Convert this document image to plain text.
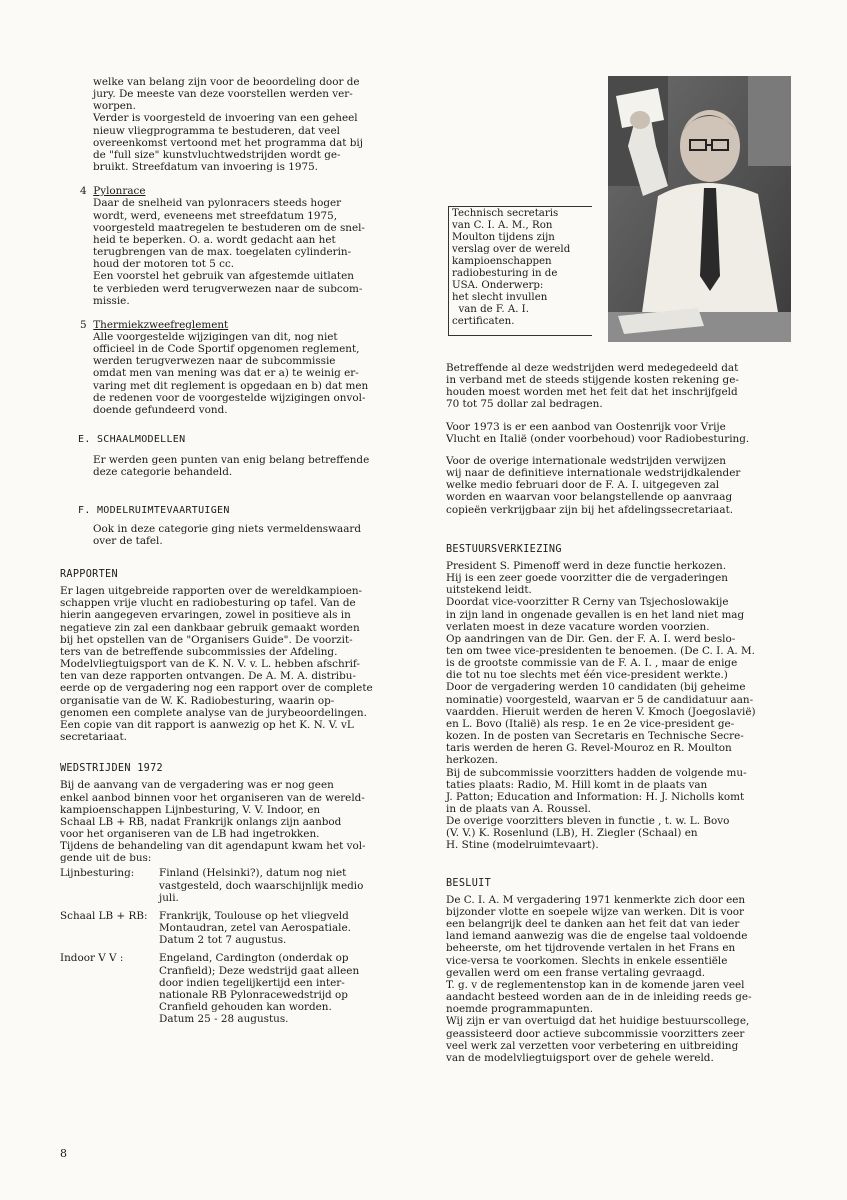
welke van belang zijn voor de beoordeling door de

jury. De meeste van deze voorstellen werden ver-

worpen.

Verder is voorgesteld de invoering van een geheel

nieuw vliegprogramma te bestuderen, dat veel

overeenkomst vertoond met het programma dat bij

de "full size" kunstvluchtwedstrijden wordt ge-

bruikt. Streefdatum van invoering is 1975.

4 Pylonrace

Daar de snelheid van pylonracers steeds hoger

wordt, werd, eveneens met streefdatum 1975,

voorgesteld maatregelen te bestuderen om de snel-

heid te beperken. O. a. wordt gedacht aan het

terugbrengen van de max. toegelaten cylinderin-

houd der motoren tot 5 cc.

Een voorstel het gebruik van afgestemde uitlaten

te verbieden werd terugverwezen naar de subcom-

missie.

5 Thermiekzweefreglement

Alle voorgestelde wijzigingen van dit, nog niet

officieel in de Code Sportif opgenomen reglement,

werden terugverwezen naar de subcommissie

omdat men van mening was dat er a) te weinig er-

varing met dit reglement is opgedaan en b) dat men

de redenen voor de voorgestelde wijzigingen onvol-

doende gefundeerd vond.

E. SCHAALMODELLEN

Er werden geen punten van enig belang betreffende

deze categorie behandeld.

F. MODELRUIMTEVAARTUIGEN

Ook in deze categorie ging niets vermeldenswaard

over de tafel.

RAPPORTEN

Er lagen uitgebreide rapporten over de wereldkampioen-

schappen vrije vlucht en radiobesturing op tafel. Van de

hierin aangegeven ervaringen, zowel in positieve als in

negatieve zin zal een dankbaar gebruik gemaakt worden

bij het opstellen van de "Organisers Guide". De voorzit-

ters van de betreffende subcommissies der Afdeling.

Modelvliegtuigsport van de K. N. V. v. L. hebben afschrif-

ten van deze rapporten ontvangen. De A. M. A. distribu-

eerde op de vergadering nog een rapport over de complete

organisatie van de W. K. Radiobesturing, waarin op-

genomen een complete analyse van de jurybeoordelingen.

Een copie van dit rapport is aanwezig op het K. N. V. vL

secretariaat.

WEDSTRIJDEN 1972

Bij de aanvang van de vergadering was er nog geen

enkel aanbod binnen voor het organiseren van de wereld-

kampioenschappen Lijnbesturing, V. V. Indoor, en

Schaal LB + RB, nadat Frankrijk onlangs zijn aanbod

voor het organiseren van de LB had ingetrokken.

Tijdens de behandeling van dit agendapunt kwam het vol-

gende uit de bus:

Lijnbesturing:	Finland (Helsinki?), datum nog niet

vastgesteld, doch waarschijnlijk medio

juli.

Schaal LB + RB:	Frankrijk, Toulouse op het vliegveld

Montaudran, zetel van Aerospatiale.

Datum 2 tot 7 augustus.

Indoor V V :	Engeland, Cardington (onderdak op

Cranfield); Deze wedstrijd gaat alleen

door indien tegelijkertijd een inter-

nationale RB Pylonracewedstrijd op

Cranfield gehouden kan worden.

Datum 25 - 28 augustus.

Technisch secretaris

van C. I. A. M., Ron

Moulton tijdens zijn

verslag over de wereld

kampioenschappen

radiobesturing in de

USA. Onderwerp:

het slecht invullen

van de F. A. I.

certificaten.

Betreffende al deze wedstrijden werd medegedeeld dat

in verband met de steeds stijgende kosten rekening ge-

houden moest worden met het feit dat het inschrijfgeld

70 tot 75 dollar zal bedragen.

Voor 1973 is er een aanbod van Oostenrijk voor Vrije

Vlucht en Italië (onder voorbehoud) voor Radiobesturing.

Voor de overige internationale wedstrijden verwijzen

wij naar de definitieve internationale wedstrijdkalender

welke medio februari door de F. A. I. uitgegeven zal

worden en waarvan voor belangstellende op aanvraag

copieën verkrijgbaar zijn bij het afdelingssecretariaat.

BESTUURSVERKIEZING

President S. Pimenoff werd in deze functie herkozen.

Hij is een zeer goede voorzitter die de vergaderingen

uitstekend leidt.

Doordat vice-voorzitter R Cerny van Tsjechoslowakije

in zijn land in ongenade gevallen is en het land niet mag

verlaten moest in deze vacature worden voorzien.

Op aandringen van de Dir. Gen. der F. A. I. werd beslo-

ten om twee vice-presidenten te benoemen. (De C. I. A. M.

is de grootste commissie van de F. A. I. , maar de enige

die tot nu toe slechts met één vice-president werkte.)

Door de vergadering werden 10 candidaten (bij geheime

nominatie) voorgesteld, waarvan er 5 de candidatuur aan-

vaardden. Hieruit werden de heren V. Kmoch (Joegoslavië)

en L. Bovo (Italië) als resp. 1e en 2e vice-president ge-

kozen. In de posten van Secretaris en Technische Secre-

taris werden de heren G. Revel-Mouroz en R. Moulton

herkozen.

Bij de subcommissie voorzitters hadden de volgende mu-

taties plaats: Radio, M. Hill komt in de plaats van

J. Patton; Education and Information: H. J. Nicholls komt

in de plaats van A. Roussel.

De overige voorzitters bleven in functie , t. w. L. Bovo

(V. V.) K. Rosenlund (LB), H. Ziegler (Schaal) en

H. Stine (modelruimtevaart).

BESLUIT

De C. I. A. M vergadering 1971 kenmerkte zich door een

bijzonder vlotte en soepele wijze van werken. Dit is voor

een belangrijk deel te danken aan het feit dat van ieder

land iemand aanwezig was die de engelse taal voldoende

beheerste, om het tijdrovende vertalen in het Frans en

vice-versa te voorkomen. Slechts in enkele essentiële

gevallen werd om een franse vertaling gevraagd.

T. g. v de reglementenstop kan in de komende jaren veel

aandacht besteed worden aan de in de inleiding reeds ge-

noemde programmapunten.

Wij zijn er van overtuigd dat het huidige bestuurscollege,

geassisteerd door actieve subcommissie voorzitters zeer

veel werk zal verzetten voor verbetering en uitbreiding

van de modelvliegtuigsport over de gehele wereld.

8
